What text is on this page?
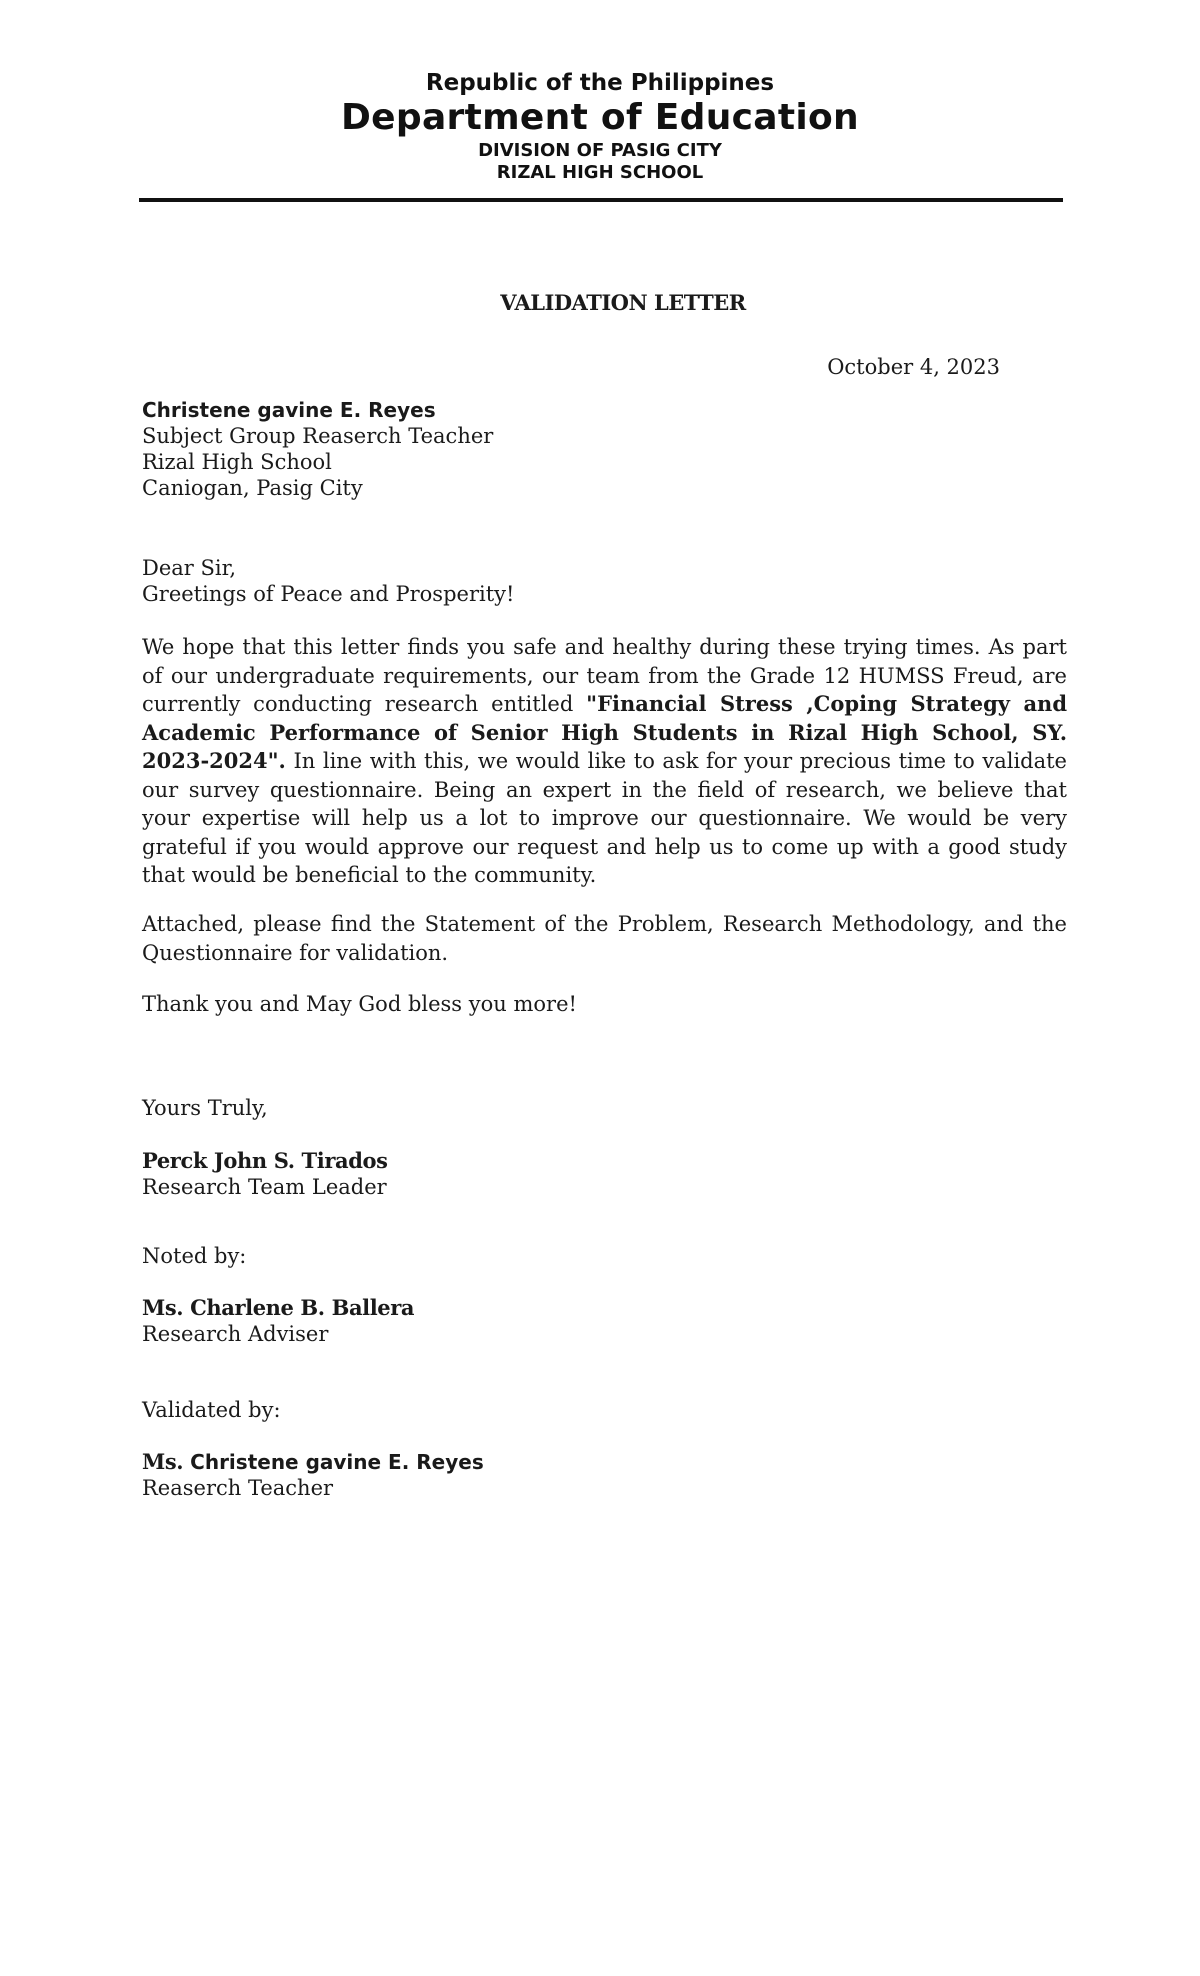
Republic of the Philippines
Department of Education
DIVISION OF PASIG CITY
RIZAL HIGH SCHOOL
VALIDATION LETTER
October 4, 2023
Christene gavine E. Reyes
Subject Group Reaserch Teacher
Rizal High School
Caniogan, Pasig City
Dear Sir,
Greetings of Peace and Prosperity!
We hope that this letter finds you safe and healthy during these trying times. As part of our undergraduate requirements, our team from the Grade 12 HUMSS Freud, are currently conducting research entitled "Financial Stress ,Coping Strategy and Academic Performance of Senior High Students in Rizal High School, SY. 2023-2024". In line with this, we would like to ask for your precious time to validate our survey questionnaire. Being an expert in the field of research, we believe that your expertise will help us a lot to improve our questionnaire. We would be very grateful if you would approve our request and help us to come up with a good study that would be beneficial to the community.
Attached, please find the Statement of the Problem, Research Methodology, and the Questionnaire for validation.
Thank you and May God bless you more!
Yours Truly,
Perck John S. Tirados
Research Team Leader
Noted by:
Ms. Charlene B. Ballera
Research Adviser
Validated by:
Ms. Christene gavine E. Reyes
Reaserch Teacher
